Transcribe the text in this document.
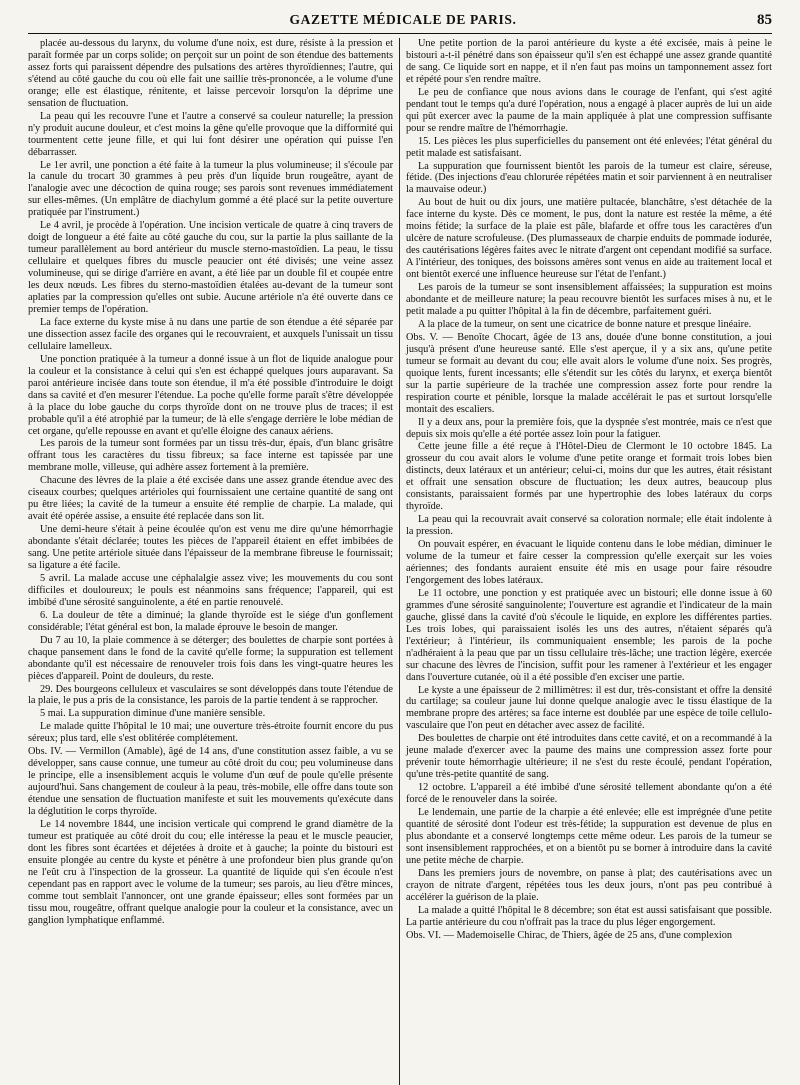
GAZETTE MÉDICALE DE PARIS.	85

placée au-dessous du larynx, du volume d'une noix, est dure, résiste à la pression et paraît formée par un corps solide; on perçoit sur un point de son étendue des battements assez forts qui paraissent dépendre des pulsations des artères thyroïdiennes; l'autre, qui s'étend au côté gauche du cou où elle fait une saillie très-prononcée, a le volume d'une orange; elle est élastique, rénitente, et laisse percevoir lorsqu'on la déprime une sensation de fluctuation.

La peau qui les recouvre l'une et l'autre a conservé sa couleur naturelle; la pression n'y produit aucune douleur, et c'est moins la gêne qu'elle provoque que la difformité qui tourmentent cette jeune fille, et qui lui font désirer une opération qui puisse l'en débarrasser.

Le 1er avril, une ponction a été faite à la tumeur la plus volumineuse; il s'écoule par la canule du trocart 30 grammes à peu près d'un liquide brun rougeâtre, ayant de l'analogie avec une décoction de quina rouge; ses parois sont revenues immédiatement sur elles-mêmes. (Un emplâtre de diachylum gommé a été placé sur la petite ouverture pratiquée par l'instrument.)

Le 4 avril, je procède à l'opération. Une incision verticale de quatre à cinq travers de doigt de longueur a été faite au côté gauche du cou, sur la partie la plus saillante de la tumeur parallèlement au bord antérieur du muscle sterno-mastoïdien. La peau, le tissu cellulaire et quelques fibres du muscle peaucier ont été divisés; une veine assez volumineuse, qui se dirige d'arrière en avant, a été liée par un double fil et coupée entre les deux nœuds. Les fibres du sterno-mastoïdien étalées au-devant de la tumeur sont aplaties par la compression qu'elles ont subie. Aucune artériole n'a été ouverte dans ce premier temps de l'opération.

La face externe du kyste mise à nu dans une partie de son étendue a été séparée par une dissection assez facile des organes qui le recouvraient, et auxquels l'unissait un tissu cellulaire lamelleux.

Une ponction pratiquée à la tumeur a donné issue à un flot de liquide analogue pour la couleur et la consistance à celui qui s'en est échappé quelques jours auparavant. Sa paroi antérieure incisée dans toute son étendue, il m'a été possible d'introduire le doigt dans sa cavité et d'en mesurer l'étendue. La poche qu'elle forme paraît s'être développée à la place du lobe gauche du corps thyroïde dont on ne trouve plus de traces; il est probable qu'il a été atrophié par la tumeur; de là elle s'engage derrière le lobe médian de cet organe, qu'elle repousse en avant et qu'elle éloigne des canaux aériens.

Les parois de la tumeur sont formées par un tissu très-dur, épais, d'un blanc grisâtre offrant tous les caractères du tissu fibreux; sa face interne est tapissée par une membrane molle, villeuse, qui adhère assez fortement à la première.

Chacune des lèvres de la plaie a été excisée dans une assez grande étendue avec des ciseaux courbes; quelques artérioles qui fournissaient une certaine quantité de sang ont pu être liées; la cavité de la tumeur a ensuite été remplie de charpie. La malade, qui avait été opérée assise, a ensuite été replacée dans son lit.

Une demi-heure s'était à peine écoulée qu'on est venu me dire qu'une hémorrhagie abondante s'était déclarée; toutes les pièces de l'appareil étaient en effet imbibées de sang. Une petite artériole située dans l'épaisseur de la membrane fibreuse le fournissait; sa ligature a été facile.

5 avril. La malade accuse une céphalalgie assez vive; les mouvements du cou sont difficiles et douloureux; le pouls est néanmoins sans fréquence; l'appareil, qui est imbibé d'une sérosité sanguinolente, a été en partie renouvelé.

6. La douleur de tête a diminué; la glande thyroïde est le siége d'un gonflement considérable; l'état général est bon, la malade éprouve le besoin de manger.

Du 7 au 10, la plaie commence à se déterger; des boulettes de charpie sont portées à chaque pansement dans le fond de la cavité qu'elle forme; la suppuration est tellement abondante qu'il est nécessaire de renouveler trois fois dans les vingt-quatre heures les pièces d'appareil. Point de douleurs, du reste.

29. Des bourgeons celluleux et vasculaires se sont développés dans toute l'étendue de la plaie, le pus a pris de la consistance, les parois de la partie tendent à se rapprocher.

5 mai. La suppuration diminue d'une manière sensible.

Le malade quitte l'hôpital le 10 mai; une ouverture très-étroite fournit encore du pus séreux; plus tard, elle s'est oblitérée complétement.

Obs. IV. — Vermillon (Amable), âgé de 14 ans, d'une constitution assez faible, a vu se développer, sans cause connue, une tumeur au côté droit du cou; peu volumineuse dans le principe, elle a insensiblement acquis le volume d'un œuf de poule qu'elle présente aujourd'hui. Sans changement de couleur à la peau, très-mobile, elle offre dans toute son étendue une sensation de fluctuation manifeste et suit les mouvements qu'exécute dans la déglutition le corps thyroïde.

Le 14 novembre 1844, une incision verticale qui comprend le grand diamètre de la tumeur est pratiquée au côté droit du cou; elle intéresse la peau et le muscle peaucier, dont les fibres sont écartées et déjetées à droite et à gauche; la pointe du bistouri est ensuite plongée au centre du kyste et pénètre à une profondeur bien plus grande qu'on ne l'eût cru à l'inspection de la grosseur. La quantité de liquide qui s'en écoule n'est cependant pas en rapport avec le volume de la tumeur; ses parois, au lieu d'être minces, comme tout semblait l'annoncer, ont une grande épaisseur; elles sont formées par un tissu mou, rougeâtre, offrant quelque analogie pour la couleur et la consistance, avec un ganglion lymphatique enflammé.

Une petite portion de la paroi antérieure du kyste a été excisée, mais à peine le bistouri a-t-il pénétré dans son épaisseur qu'il s'en est échappé une assez grande quantité de sang. Ce liquide sort en nappe, et il n'en faut pas moins un tamponnement assez fort et répété pour s'en rendre maître.

Le peu de confiance que nous avions dans le courage de l'enfant, qui s'est agité pendant tout le temps qu'a duré l'opération, nous a engagé à placer auprès de lui un aide qui pût exercer avec la paume de la main appliquée à plat une compression suffisante pour se rendre maître de l'hémorrhagie.

15. Les pièces les plus superficielles du pansement ont été enlevées; l'état général du petit malade est satisfaisant.

La suppuration que fournissent bientôt les parois de la tumeur est claire, séreuse, fétide. (Des injections d'eau chlorurée répétées matin et soir parviennent à en neutraliser la mauvaise odeur.)

Au bout de huit ou dix jours, une matière pultacée, blanchâtre, s'est détachée de la face interne du kyste. Dès ce moment, le pus, dont la nature est restée la même, a été moins fétide; la surface de la plaie est pâle, blafarde et offre tous les caractères d'un ulcère de nature scrofuleuse. (Des plumasseaux de charpie enduits de pommade iodurée, des cautérisations légères faites avec le nitrate d'argent ont cependant modifié sa surface. A l'intérieur, des toniques, des boissons amères sont venus en aide au traitement local et ont bientôt exercé une influence heureuse sur l'état de l'enfant.)

Les parois de la tumeur se sont insensiblement affaissées; la suppuration est moins abondante et de meilleure nature; la peau recouvre bientôt les surfaces mises à nu, et le petit malade a pu quitter l'hôpital à la fin de décembre, parfaitement guéri.

A la place de la tumeur, on sent une cicatrice de bonne nature et presque linéaire.

Obs. V. — Benoîte Chocart, âgée de 13 ans, douée d'une bonne constitution, a joui jusqu'à présent d'une heureuse santé. Elle s'est aperçue, il y a six ans, qu'une petite tumeur se formait au devant du cou; elle avait alors le volume d'une noix. Ses progrès, quoique lents, furent incessants; elle s'étendit sur les côtés du larynx, et exerça bientôt sur la partie supérieure de la trachée une compression assez forte pour rendre la respiration courte et pénible, lorsque la malade accélérait le pas et surtout lorsqu'elle montait des escaliers.

Il y a deux ans, pour la première fois, que la dyspnée s'est montrée, mais ce n'est que depuis six mois qu'elle a été portée assez loin pour la fatiguer.

Cette jeune fille a été reçue à l'Hôtel-Dieu de Clermont le 10 octobre 1845. La grosseur du cou avait alors le volume d'une petite orange et formait trois lobes bien distincts, deux latéraux et un antérieur; celui-ci, moins dur que les autres, était résistant et offrait une sensation obscure de fluctuation; les deux autres, beaucoup plus consistants, paraissaient formés par une hypertrophie des lobes latéraux du corps thyroïde.

La peau qui la recouvrait avait conservé sa coloration normale; elle était indolente à la pression.

On pouvait espérer, en évacuant le liquide contenu dans le lobe médian, diminuer le volume de la tumeur et faire cesser la compression qu'elle exerçait sur les voies aériennes; des fondants auraient ensuite été mis en usage pour faire résoudre l'engorgement des lobes latéraux.

Le 11 octobre, une ponction y est pratiquée avec un bistouri; elle donne issue à 60 grammes d'une sérosité sanguinolente; l'ouverture est agrandie et l'indicateur de la main gauche, glissé dans la cavité d'où s'écoule le liquide, en explore les différentes parties. Les trois lobes, qui paraissaient isolés les uns des autres, n'étaient séparés qu'à l'extérieur; à l'intérieur, ils communiquaient ensemble; les parois de la poche n'adhéraient à la peau que par un tissu cellulaire très-lâche; une traction légère, exercée sur chacune des lèvres de l'incision, suffit pour les ramener à l'extérieur et les engager dans l'ouverture cutanée, où il a été possible d'en exciser une partie.

Le kyste a une épaisseur de 2 millimètres: il est dur, très-consistant et offre la densité du cartilage; sa couleur jaune lui donne quelque analogie avec le tissu élastique de la membrane propre des artères; sa face interne est doublée par une espèce de toile cellulo-vasculaire que l'on peut en détacher avec assez de facilité.

Des boulettes de charpie ont été introduites dans cette cavité, et on a recommandé à la jeune malade d'exercer avec la paume des mains une compression assez forte pour prévenir toute hémorrhagie ultérieure; il ne s'est du reste écoulé, pendant l'opération, qu'une très-petite quantité de sang.

12 octobre. L'appareil a été imbibé d'une sérosité tellement abondante qu'on a été forcé de le renouveler dans la soirée.

Le lendemain, une partie de la charpie a été enlevée; elle est imprégnée d'une petite quantité de sérosité dont l'odeur est très-fétide; la suppuration est devenue de plus en plus abondante et a conservé longtemps cette même odeur. Les parois de la tumeur se sont insensiblement rapprochées, et on a bientôt pu se borner à introduire dans la cavité une petite mèche de charpie.

Dans les premiers jours de novembre, on panse à plat; des cautérisations avec un crayon de nitrate d'argent, répétées tous les deux jours, n'ont pas peu contribué à accélérer la guérison de la plaie.

La malade a quitté l'hôpital le 8 décembre; son état est aussi satisfaisant que possible. La partie antérieure du cou n'offrait pas la trace du plus léger engorgement.

Obs. VI. — Mademoiselle Chirac, de Thiers, âgée de 25 ans, d'une complexion
